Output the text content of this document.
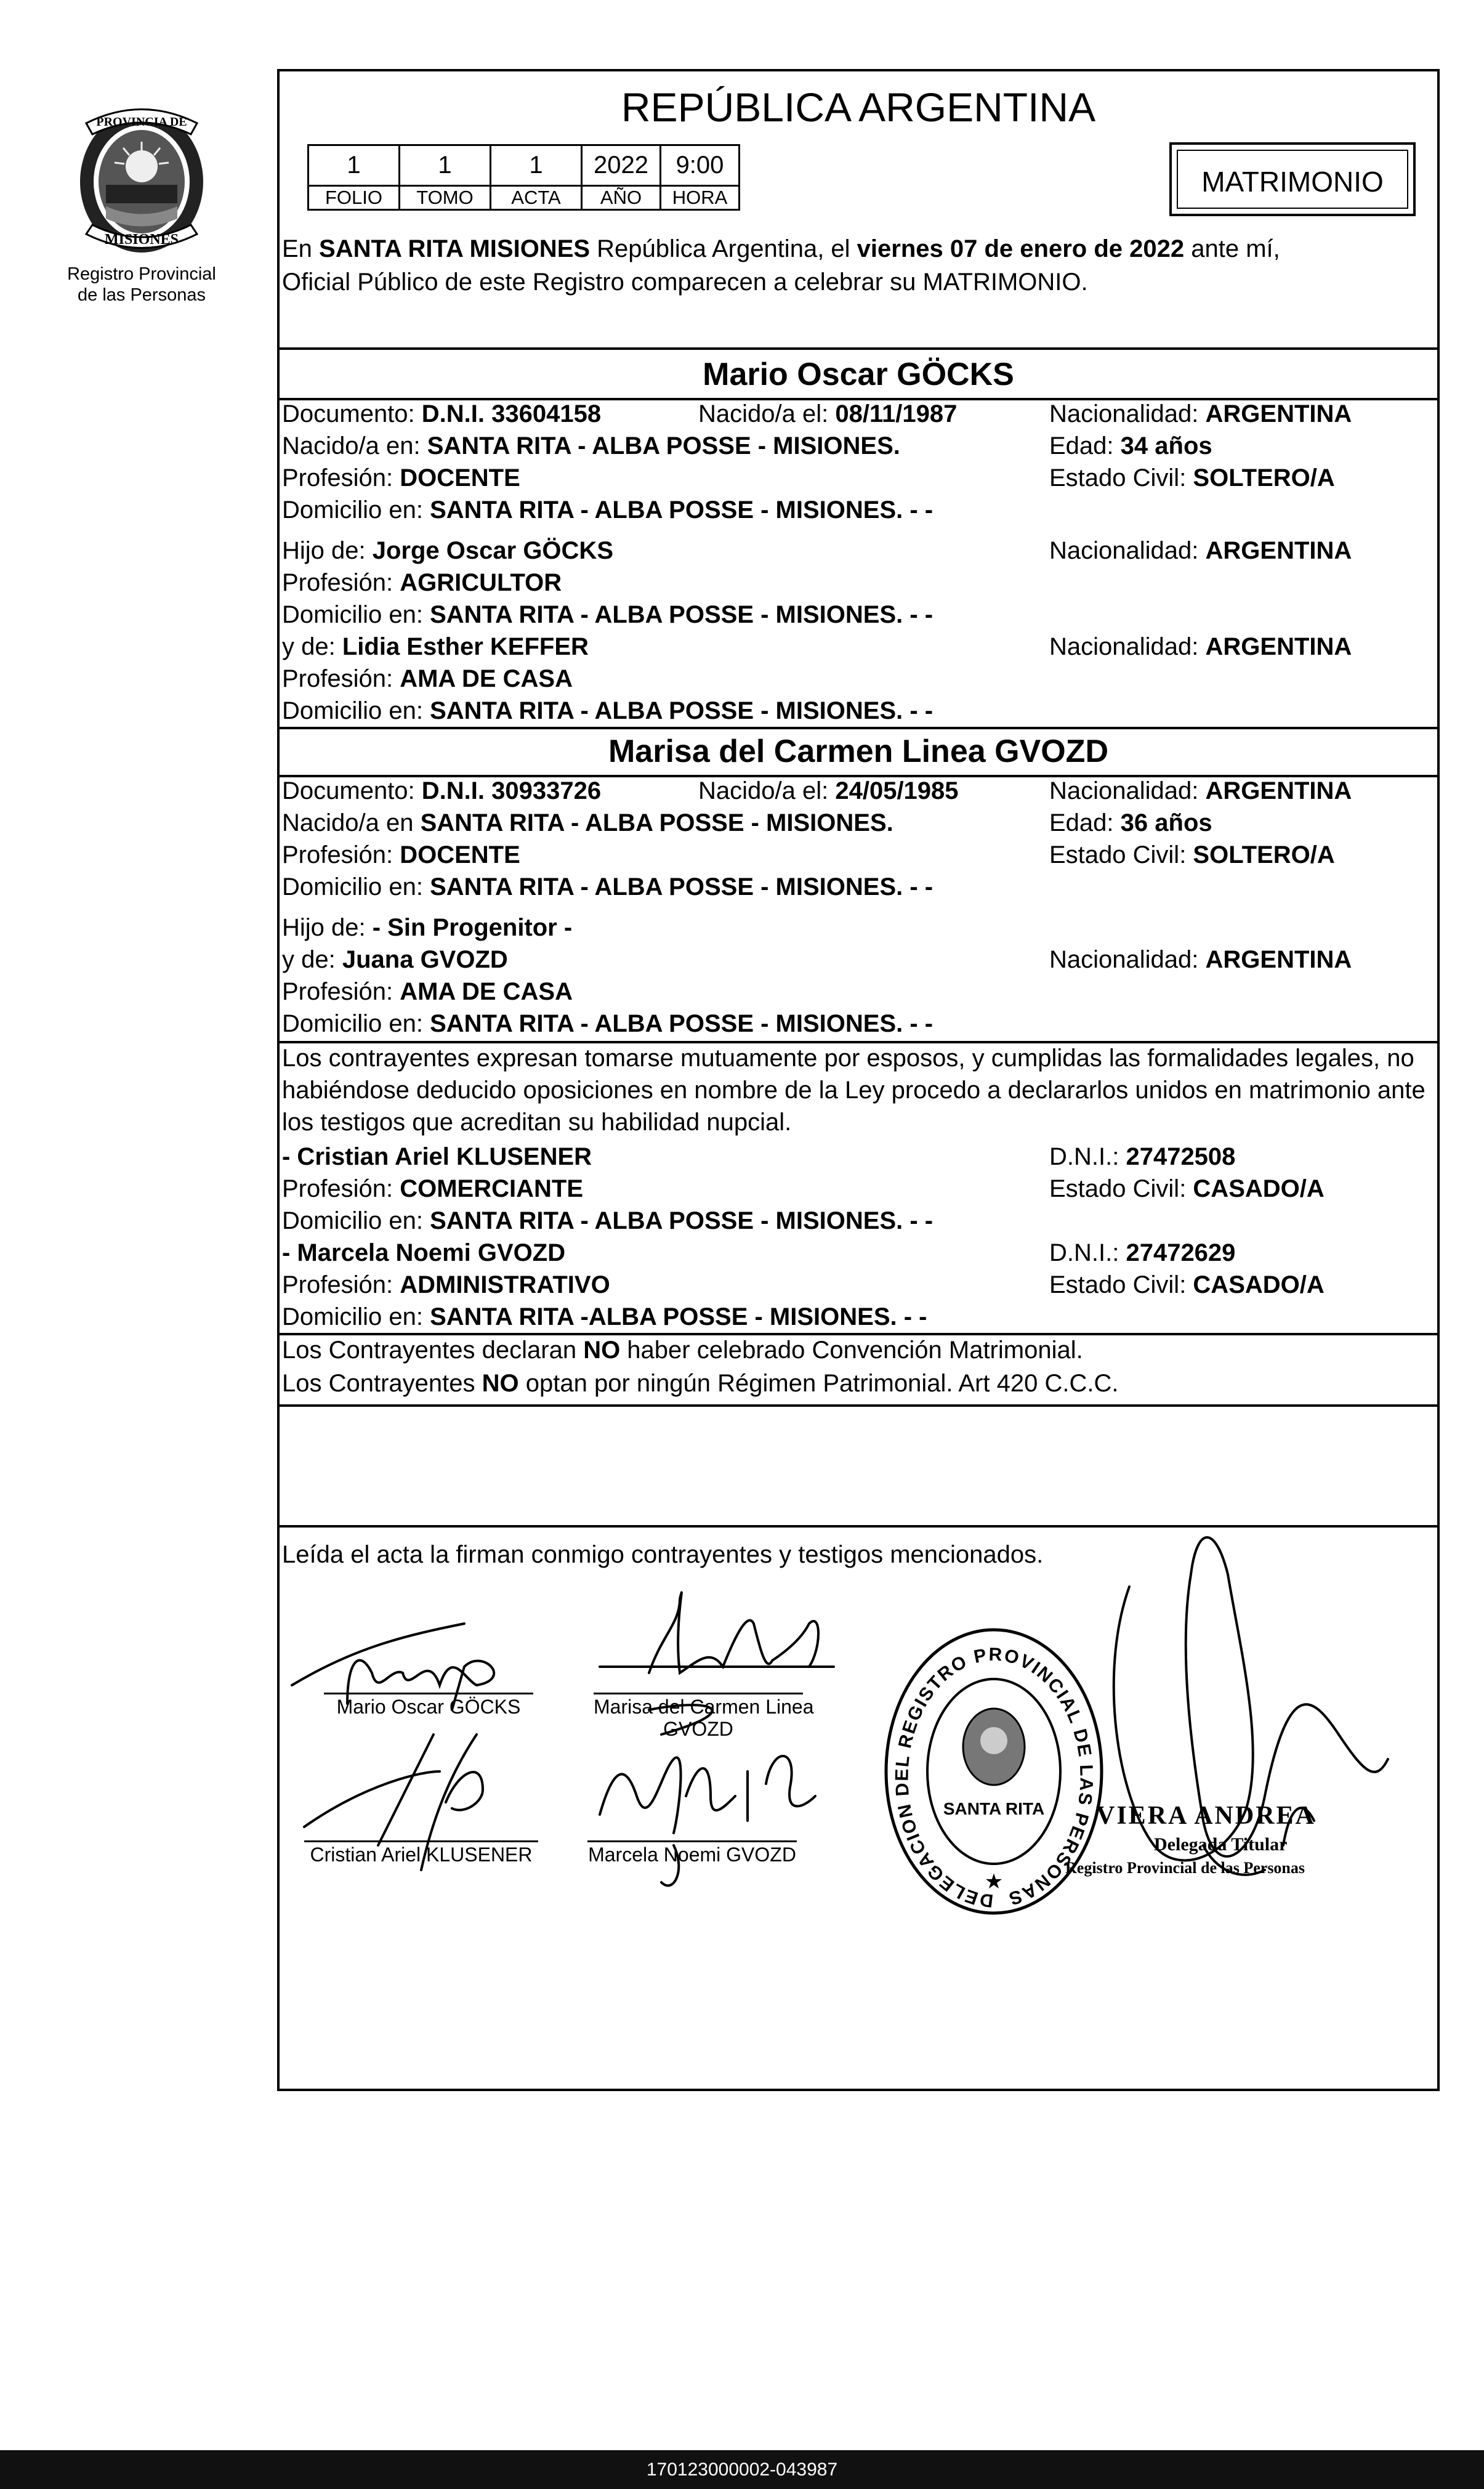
PROVINCIA DE
MISIONES
Registro Provincial
de las Personas
REPÚBLICA ARGENTINA
1	1	1	2022	9:00
FOLIO	TOMO	ACTA	AÑO	HORA	MATRIMONIO
En SANTA RITA MISIONES República Argentina, el viernes 07 de enero de 2022 ante mí,
Oficial Público de este Registro comparecen a celebrar su MATRIMONIO.
Mario Oscar GÖCKS
Documento: D.N.I. 33604158	Nacido/a el: 08/11/1987	Nacionalidad: ARGENTINA
Nacido/a en: SANTA RITA - ALBA POSSE - MISIONES.	Edad: 34 años
Profesión: DOCENTE	Estado Civil: SOLTERO/A
Domicilio en: SANTA RITA - ALBA POSSE - MISIONES. - -
Hijo de: Jorge Oscar GÖCKS	Nacionalidad: ARGENTINA
Profesión: AGRICULTOR
Domicilio en: SANTA RITA - ALBA POSSE - MISIONES. - -
y de: Lidia Esther KEFFER	Nacionalidad: ARGENTINA
Profesión: AMA DE CASA
Domicilio en: SANTA RITA - ALBA POSSE - MISIONES. - -
Marisa del Carmen Linea GVOZD
Documento: D.N.I. 30933726	Nacido/a el: 24/05/1985	Nacionalidad: ARGENTINA
Nacido/a en SANTA RITA - ALBA POSSE - MISIONES.	Edad: 36 años
Profesión: DOCENTE	Estado Civil: SOLTERO/A
Domicilio en: SANTA RITA - ALBA POSSE - MISIONES. - -
Hijo de: - Sin Progenitor -
y de: Juana GVOZD	Nacionalidad: ARGENTINA
Profesión: AMA DE CASA
Domicilio en: SANTA RITA - ALBA POSSE - MISIONES. - -
Los contrayentes expresan tomarse mutuamente por esposos, y cumplidas las formalidades legales, no
habiéndose deducido oposiciones en nombre de la Ley procedo a declararlos unidos en matrimonio ante
los testigos que acreditan su habilidad nupcial.
- Cristian Ariel KLUSENER	D.N.I.: 27472508
Profesión: COMERCIANTE	Estado Civil: CASADO/A
Domicilio en: SANTA RITA - ALBA POSSE - MISIONES. - -
- Marcela Noemi GVOZD	D.N.I.: 27472629
Profesión: ADMINISTRATIVO	Estado Civil: CASADO/A
Domicilio en: SANTA RITA -ALBA POSSE - MISIONES. - -
Los Contrayentes declaran NO haber celebrado Convención Matrimonial.
Los Contrayentes NO optan por ningún Régimen Patrimonial. Art 420 C.C.C.
Leída el acta la firman conmigo contrayentes y testigos mencionados.
Mario Oscar GÖCKS	Marisa del Carmen Linea
GVOZD
Cristian Ariel KLUSENER	Marcela Noemi GVOZD
DELEGACION DEL REGISTRO PROVINCIAL DE LAS PERSONAS
SANTA RITA
★
VIERA ANDREA
Delegada Titular
Registro Provincial de las Personas
170123000002-043987
